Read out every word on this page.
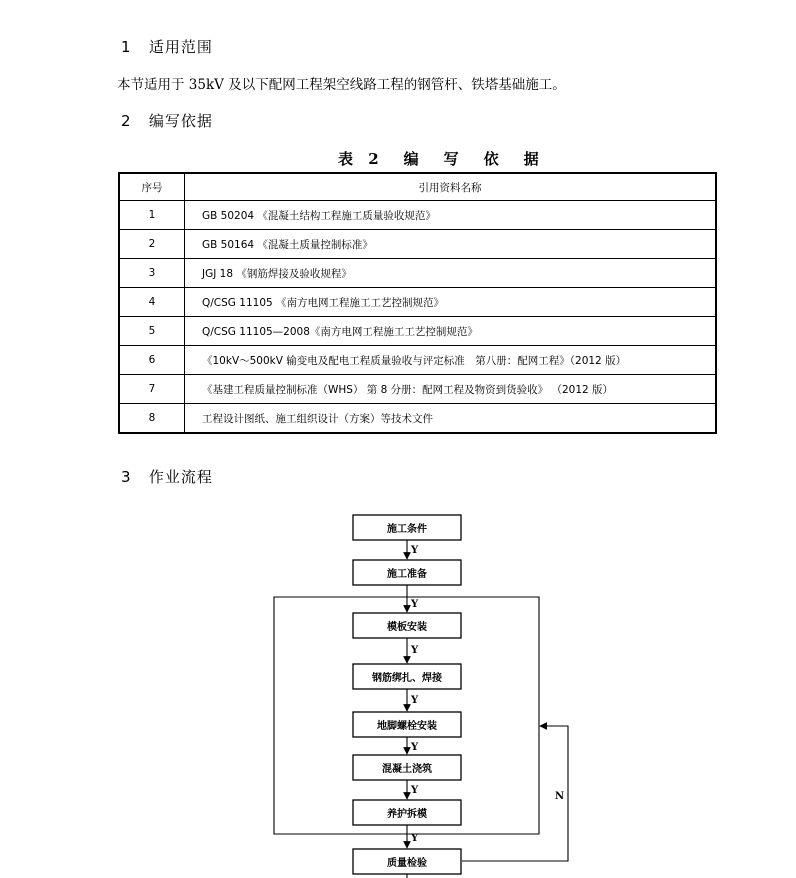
1 适用范围
本节适用于 35kV 及以下配网工程架空线路工程的钢管杆、铁塔基础施工。
2 编写依据
表 2　编　写　依　据
序号	引用资料名称
1	GB 50204 《混凝土结构工程施工质量验收规范》
2	GB 50164 《混凝土质量控制标准》
3	JGJ 18 《钢筋焊接及验收规程》
4	Q/CSG 11105 《南方电网工程施工工艺控制规范》
5	Q/CSG 11105—2008《南方电网工程施工工艺控制规范》
6	《10kV～500kV 输变电及配电工程质量验收与评定标准　第八册：配网工程》（2012 版）
7	《基建工程质量控制标准（WHS） 第 8 分册：配网工程及物资到货验收》 （2012 版）
8	工程设计图纸、施工组织设计（方案）等技术文件
3 作业流程
N
Y
Y
Y
Y
Y
Y
Y
施工条件
施工准备
模板安装
钢筋绑扎、焊接
地脚螺栓安装
混凝土浇筑
养护拆模
质量检验
